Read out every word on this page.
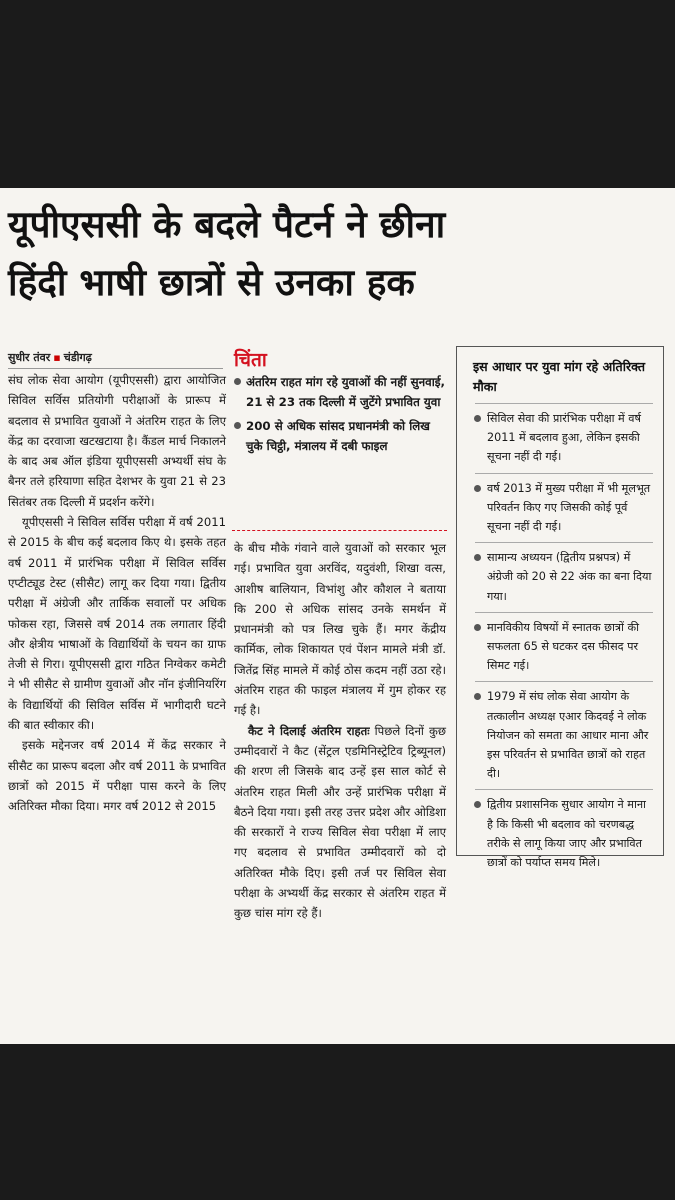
यूपीएससी के बदले पैटर्न ने छीना
हिंदी भाषी छात्रों से उनका हक
सुधीर तंवर ▪ चंडीगढ़

संघ लोक सेवा आयोग (यूपीएससी) द्वारा आयोजित सिविल सर्विस प्रतियोगी परीक्षाओं के प्रारूप में बदलाव से प्रभावित युवाओं ने अंतरिम राहत के लिए केंद्र का दरवाजा खटखटाया है। कैंडल मार्च निकालने के बाद अब ऑल इंडिया यूपीएससी अभ्यर्थी संघ के बैनर तले हरियाणा सहित देशभर के युवा 21 से 23 सितंबर तक दिल्ली में प्रदर्शन करेंगे।

यूपीएससी ने सिविल सर्विस परीक्षा में वर्ष 2011 से 2015 के बीच कई बदलाव किए थे। इसके तहत वर्ष 2011 में प्रारंभिक परीक्षा में सिविल सर्विस एप्टीट्यूड टेस्ट (सीसैट) लागू कर दिया गया। द्वितीय परीक्षा में अंग्रेजी और तार्किक सवालों पर अधिक फोकस रहा, जिससे वर्ष 2014 तक लगातार हिंदी और क्षेत्रीय भाषाओं के विद्यार्थियों के चयन का ग्राफ तेजी से गिरा। यूपीएससी द्वारा गठित निग्वेकर कमेटी ने भी सीसैट से ग्रामीण युवाओं और नॉन इंजीनियरिंग के विद्यार्थियों की सिविल सर्विस में भागीदारी घटने की बात स्वीकार की।

इसके मद्देनजर वर्ष 2014 में केंद्र सरकार ने सीसैट का प्रारूप बदला और वर्ष 2011 के प्रभावित छात्रों को 2015 में परीक्षा पास करने के लिए अतिरिक्त मौका दिया। मगर वर्ष 2012 से 2015

चिंता
अंतरिम राहत मांग रहे युवाओं की नहीं सुनवाई, 21 से 23 तक दिल्ली में जुटेंगे प्रभावित युवा
200 से अधिक सांसद प्रधानमंत्री को लिख चुके चिट्ठी, मंत्रालय में दबी फाइल

के बीच मौके गंवाने वाले युवाओं को सरकार भूल गई। प्रभावित युवा अरविंद, यदुवंशी, शिखा वत्स, आशीष बालियान, विभांशु और कौशल ने बताया कि 200 से अधिक सांसद उनके समर्थन में प्रधानमंत्री को पत्र लिख चुके हैं। मगर केंद्रीय कार्मिक, लोक शिकायत एवं पेंशन मामले मंत्री डॉ. जितेंद्र सिंह मामले में कोई ठोस कदम नहीं उठा रहे। अंतरिम राहत की फाइल मंत्रालय में गुम होकर रह गई है।

कैट ने दिलाई अंतरिम राहतः पिछले दिनों कुछ उम्मीदवारों ने कैट (सेंट्रल एडमिनिस्ट्रेटिव ट्रिब्यूनल) की शरण ली जिसके बाद उन्हें इस साल कोर्ट से अंतरिम राहत मिली और उन्हें प्रारंभिक परीक्षा में बैठने दिया गया। इसी तरह उत्तर प्रदेश और ओडिशा की सरकारों ने राज्य सिविल सेवा परीक्षा में लाए गए बदलाव से प्रभावित उम्मीदवारों को दो अतिरिक्त मौके दिए। इसी तर्ज पर सिविल सेवा परीक्षा के अभ्यर्थी केंद्र सरकार से अंतरिम राहत में कुछ चांस मांग रहे हैं।

इस आधार पर युवा मांग रहे अतिरिक्त मौका
सिविल सेवा की प्रारंभिक परीक्षा में वर्ष 2011 में बदलाव हुआ, लेकिन इसकी सूचना नहीं दी गई।
वर्ष 2013 में मुख्य परीक्षा में भी मूलभूत परिवर्तन किए गए जिसकी कोई पूर्व सूचना नहीं दी गई।
सामान्य अध्ययन (द्वितीय प्रश्नपत्र) में अंग्रेजी को 20 से 22 अंक का बना दिया गया।
मानविकीय विषयों में स्नातक छात्रों की सफलता 65 से घटकर दस फीसद पर सिमट गई।
1979 में संघ लोक सेवा आयोग के तत्कालीन अध्यक्ष एआर किदवई ने लोक नियोजन को समता का आधार माना और इस परिवर्तन से प्रभावित छात्रों को राहत दी।
द्वितीय प्रशासनिक सुधार आयोग ने माना है कि किसी भी बदलाव को चरणबद्ध तरीके से लागू किया जाए और प्रभावित छात्रों को पर्याप्त समय मिले।
